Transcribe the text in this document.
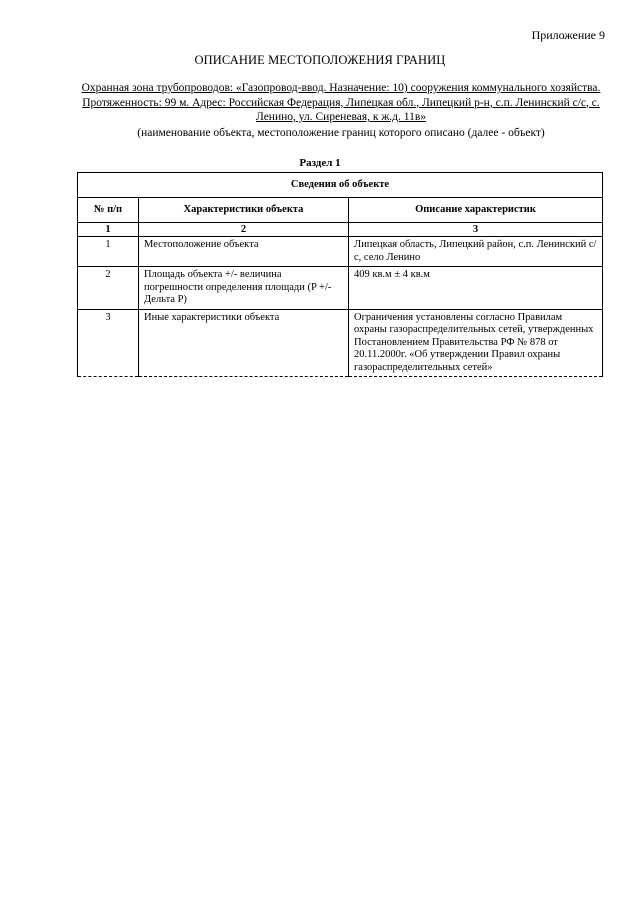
Приложение 9
ОПИСАНИЕ МЕСТОПОЛОЖЕНИЯ ГРАНИЦ
Охранная зона трубопроводов: «Газопровод-ввод. Назначение: 10) сооружения коммунального хозяйства. Протяженность: 99 м. Адрес: Российская Федерация, Липецкая обл., Липецкий р-н, с.п. Ленинский с/с, с. Ленино, ул. Сиреневая, к ж.д. 11в»
(наименование объекта, местоположение границ которого описано (далее - объект)
Раздел 1
Сведения об объекте		
№ п/п	Характеристики объекта	Описание характеристик
1	2	3
1	Местоположение объекта	Липецкая область, Липецкий район, с.п. Ленинский с/с, село Ленино
2	Площадь объекта +/- величина погрешности определения площади (P +/- Дельта P)	409 кв.м ± 4 кв.м
3	Иные характеристики объекта	Ограничения установлены согласно Правилам охраны газораспределительных сетей, утвержденных Постановлением Правительства РФ № 878 от 20.11.2000г. «Об утверждении Правил охраны газораспределительных сетей»
